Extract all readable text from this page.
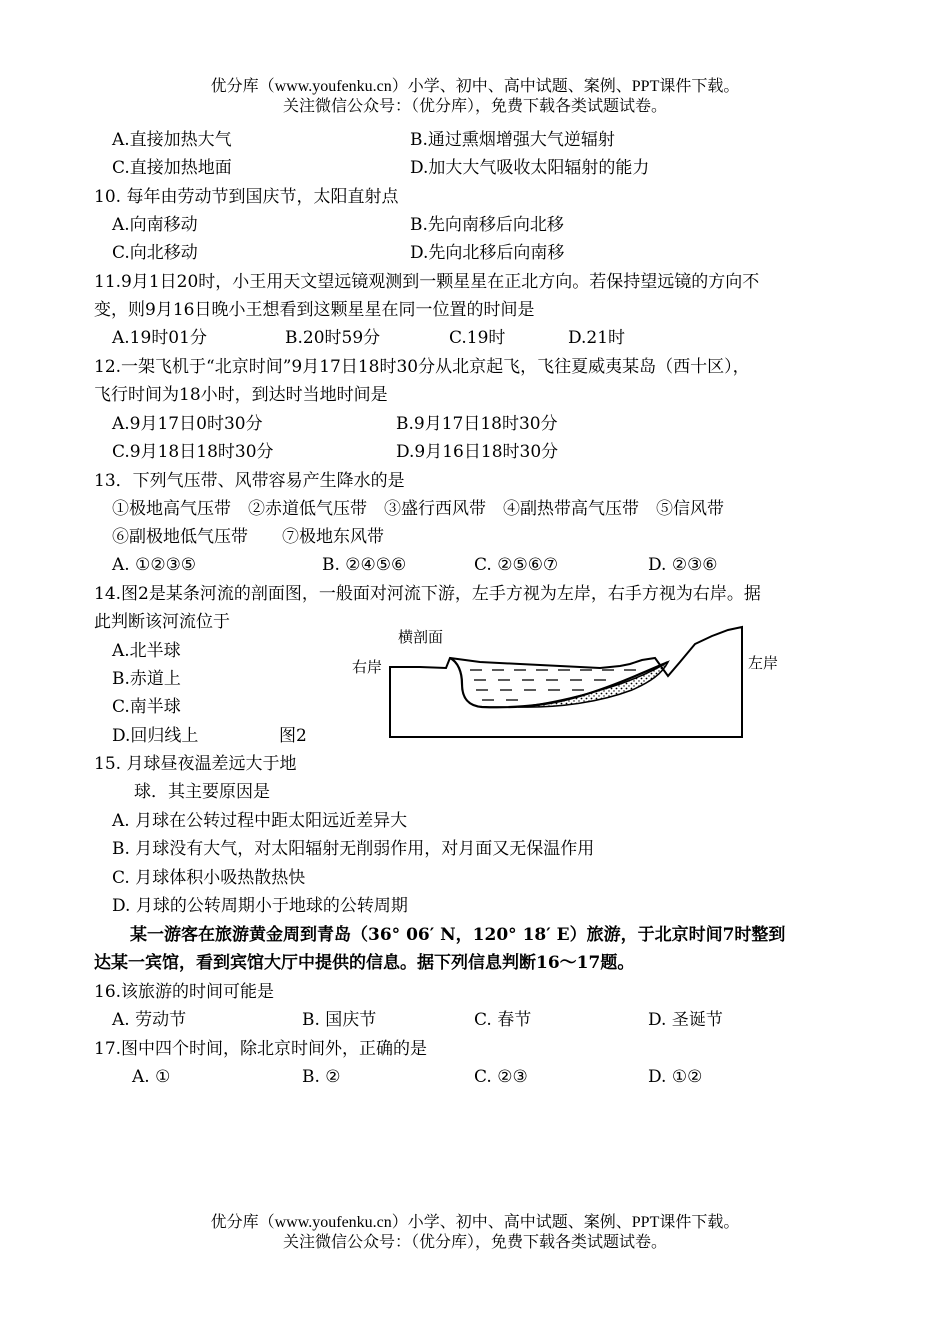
优分库（www.youfenku.cn）小学、初中、高中试题、案例、PPT课件下载。
关注微信公众号：（优分库），免费下载各类试题试卷。
A.直接加热大气	B.通过熏烟增强大气逆辐射
C.直接加热地面	D.加大大气吸收太阳辐射的能力
10. 每年由劳动节到国庆节，太阳直射点
A.向南移动	B.先向南移后向北移
C.向北移动	D.先向北移后向南移
11.9月1日20时，小王用天文望远镜观测到一颗星星在正北方向。若保持望远镜的方向不
变，则9月16日晚小王想看到这颗星星在同一位置的时间是
A.19时01分	B.20时59分	C.19时	D.21时
12.一架飞机于“北京时间”9月17日18时30分从北京起飞，飞往夏威夷某岛（西十区），
飞行时间为18小时，到达时当地时间是
A.9月17日0时30分	B.9月17日18时30分
C.9月18日18时30分	D.9月16日18时30分
13．下列气压带、风带容易产生降水的是
①极地高气压带　②赤道低气压带　③盛行西风带　④副热带高气压带　⑤信风带
⑥副极地低气压带　　⑦极地东风带
A. ①②③⑤	B. ②④⑤⑥	C. ②⑤⑥⑦	D. ②③⑥
14.图2是某条河流的剖面图，一般面对河流下游，左手方视为左岸，右手方视为右岸。据
此判断该河流位于
A.北半球
B.赤道上
C.南半球
D.回归线上	图2
横剖面
右岸	左岸
15. 月球昼夜温差远大于地
球．其主要原因是
A. 月球在公转过程中距太阳远近差异大
B. 月球没有大气，对太阳辐射无削弱作用，对月面又无保温作用
C. 月球体积小吸热散热快
D. 月球的公转周期小于地球的公转周期
某一游客在旅游黄金周到青岛（36° 06′ N，120° 18′ E）旅游，于北京时间7时整到
达某一宾馆，看到宾馆大厅中提供的信息。据下列信息判断16～17题。
16.该旅游的时间可能是
A. 劳动节	B. 国庆节	C. 春节	D. 圣诞节
17.图中四个时间，除北京时间外，正确的是
A. ①	B. ②	C. ②③	D. ①②
优分库（www.youfenku.cn）小学、初中、高中试题、案例、PPT课件下载。
关注微信公众号：（优分库），免费下载各类试题试卷。
